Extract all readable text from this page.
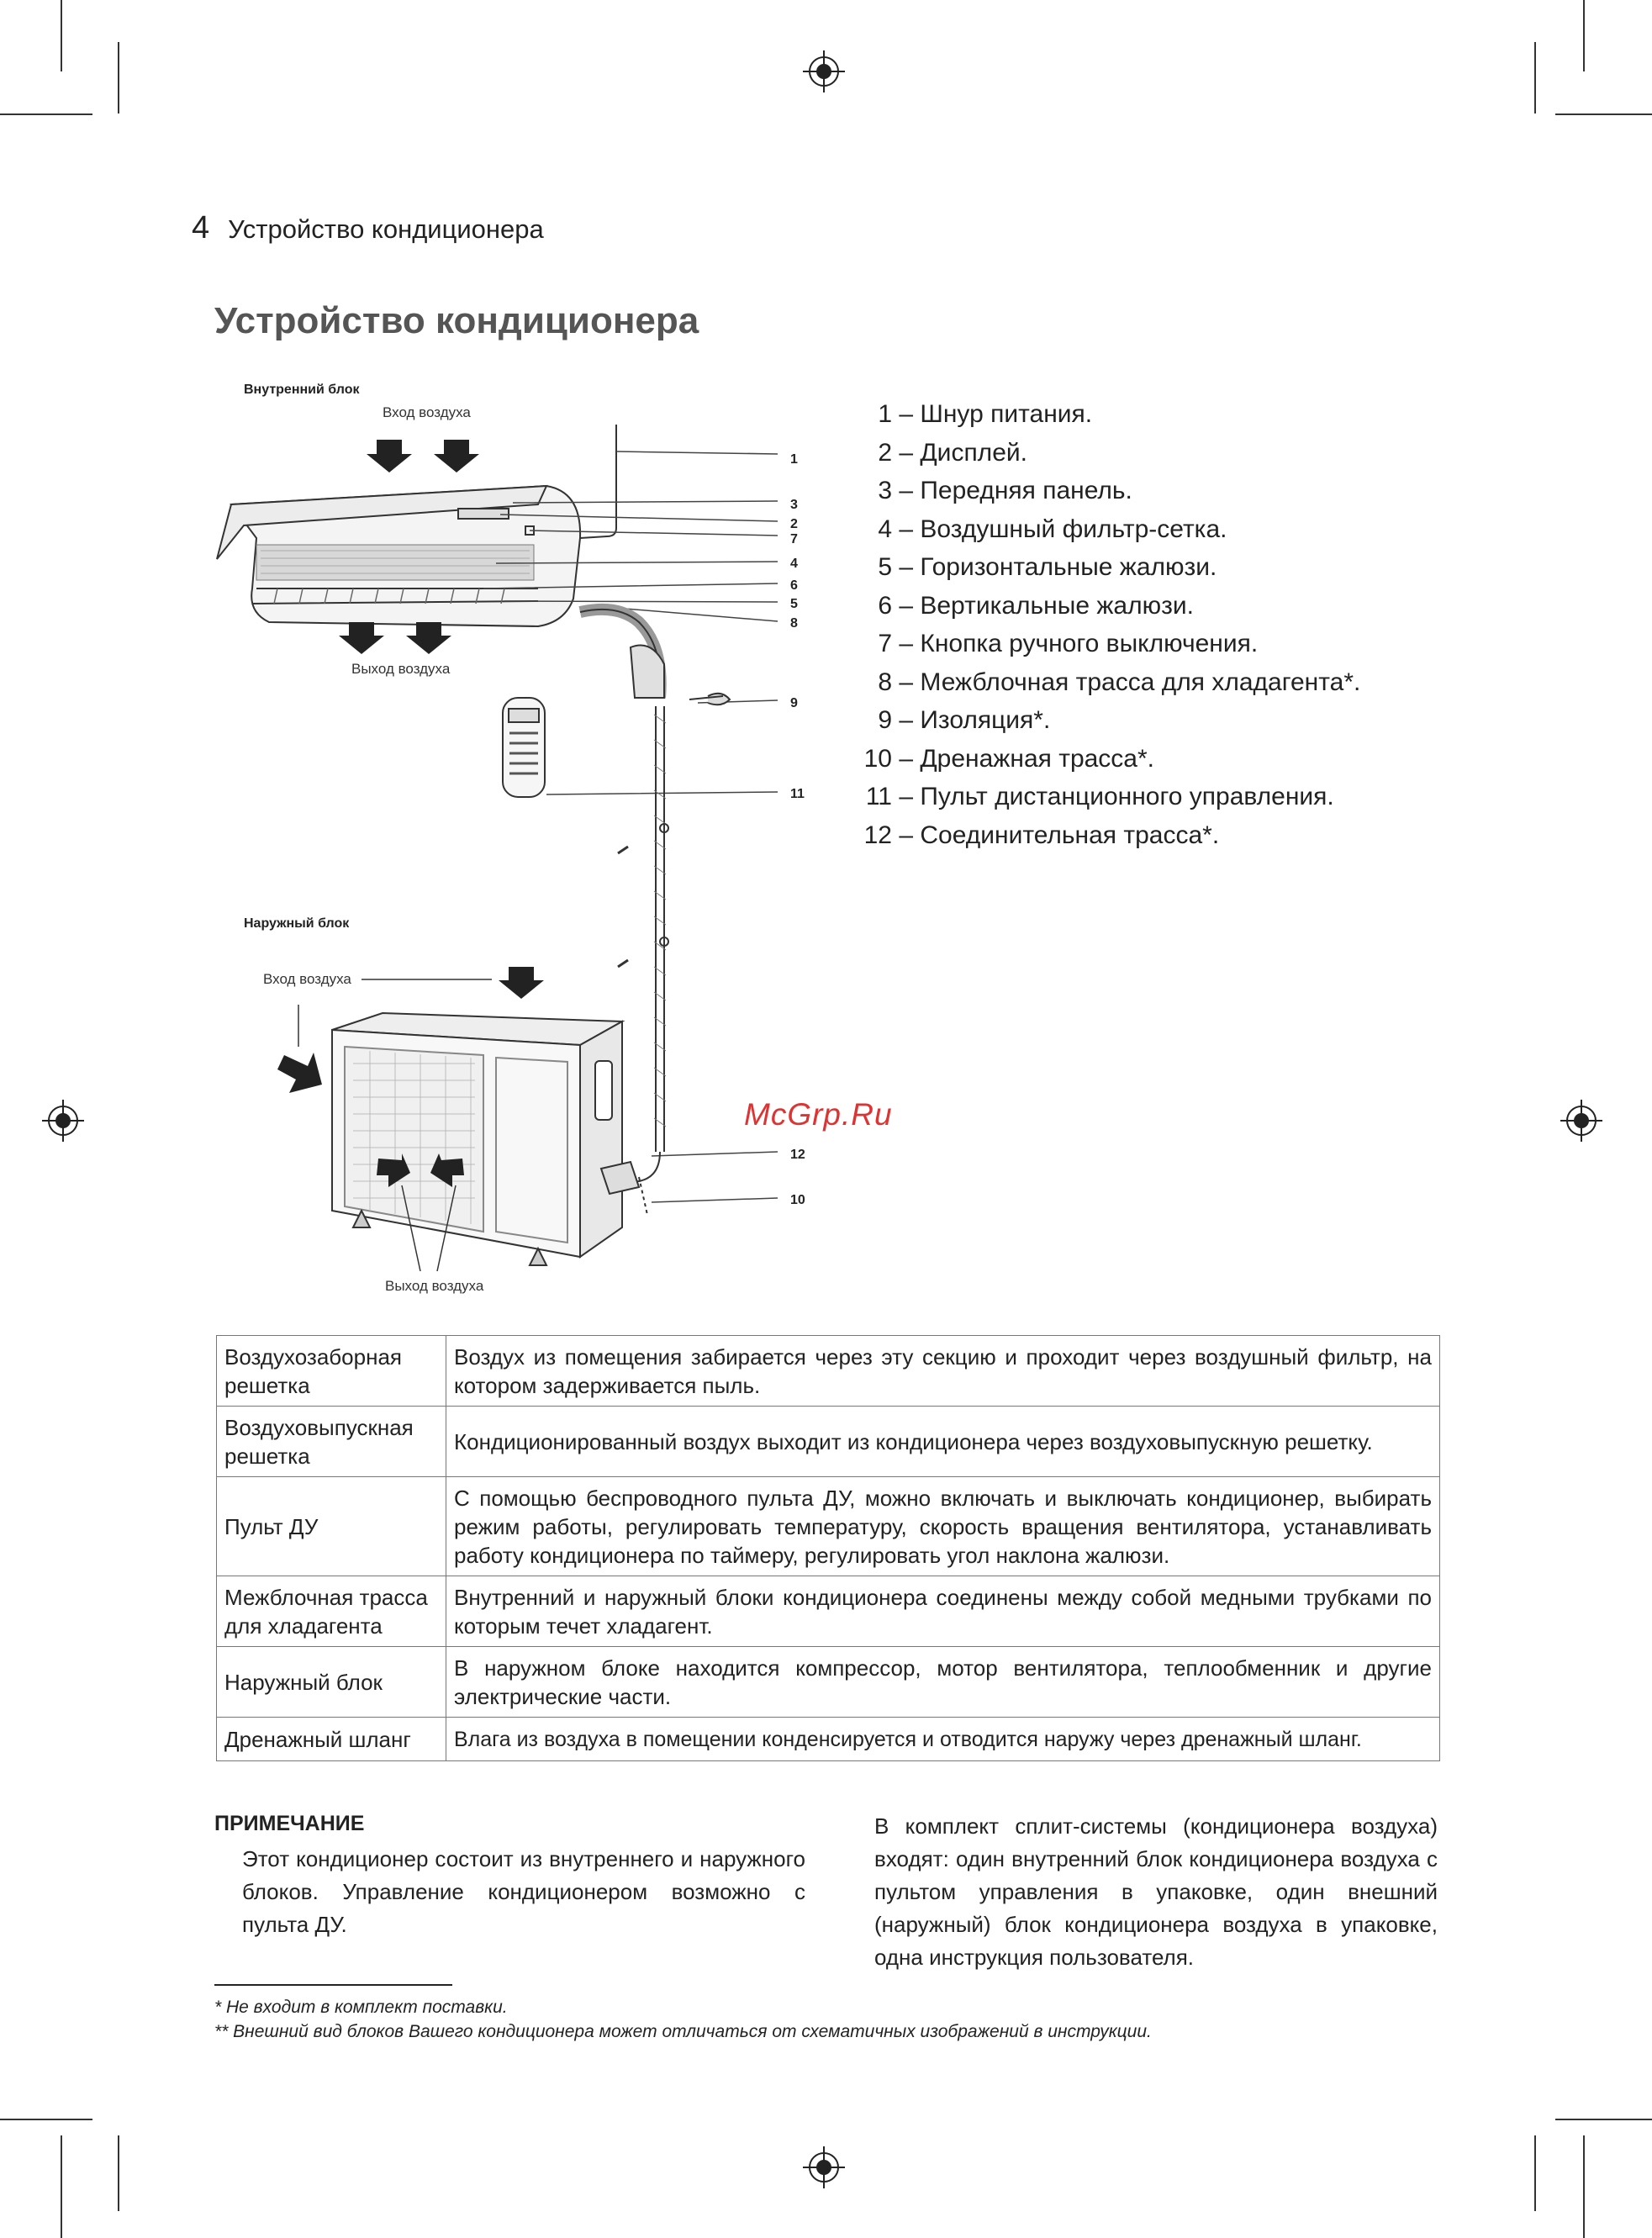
4 Устройство кондиционера
Устройство кондиционера
Внутренний блок
Вход воздуха
Выход воздуха
Наружный блок
Вход воздуха
Выход воздуха
1
3
2
7
4
6
5
8
9
11
12
10
1 – Шнур питания.
2 – Дисплей.
3 – Передняя панель.
4 – Воздушный фильтр-сетка.
5 – Горизонтальные жалюзи.
6 – Вертикальные жалюзи.
7 – Кнопка ручного выключения.
8 – Межблочная трасса для хладагента*.
9 – Изоляция*.
10 – Дренажная трасса*.
11 – Пульт дистанционного управления.
12 – Соединительная трасса*.
McGrp.Ru
Воздухозаборная решетка	Воздух из помещения забирается через эту секцию и проходит через воздушный фильтр, на котором задерживается пыль.
Воздуховыпускная решетка	Кондиционированный воздух выходит из кондиционера через воздуховыпускную решетку.
Пульт ДУ	С помощью беспроводного пульта ДУ, можно включать и выключать кондиционер, выбирать режим работы, регулировать температуру, скорость вращения вентилятора, устанавливать работу кондиционера по таймеру, регулировать угол наклона жалюзи.
Межблочная трасса для хладагента	Внутренний и наружный блоки кондиционера соединены между собой медными трубками по которым течет хладагент.
Наружный блок	В наружном блоке находится компрессор, мотор вентилятора, теплообменник и другие электрические части.
Дренажный шланг	Влага из воздуха в помещении конденсируется и отводится наружу через дренажный шланг.
ПРИМЕЧАНИЕ
Этот кондиционер состоит из внутреннего и наружного блоков. Управление кондиционером возможно с пульта ДУ.
В комплект сплит-системы (кондиционера воздуха) входят: один внутренний блок кондиционера воздуха с пультом управления в упаковке, один внешний (наружный) блок кондиционера воздуха в упаковке, одна инструкция пользователя.
* Не входит в комплект поставки.
** Внешний вид блоков Вашего кондиционера может отличаться от схематичных изображений в инструкции.
